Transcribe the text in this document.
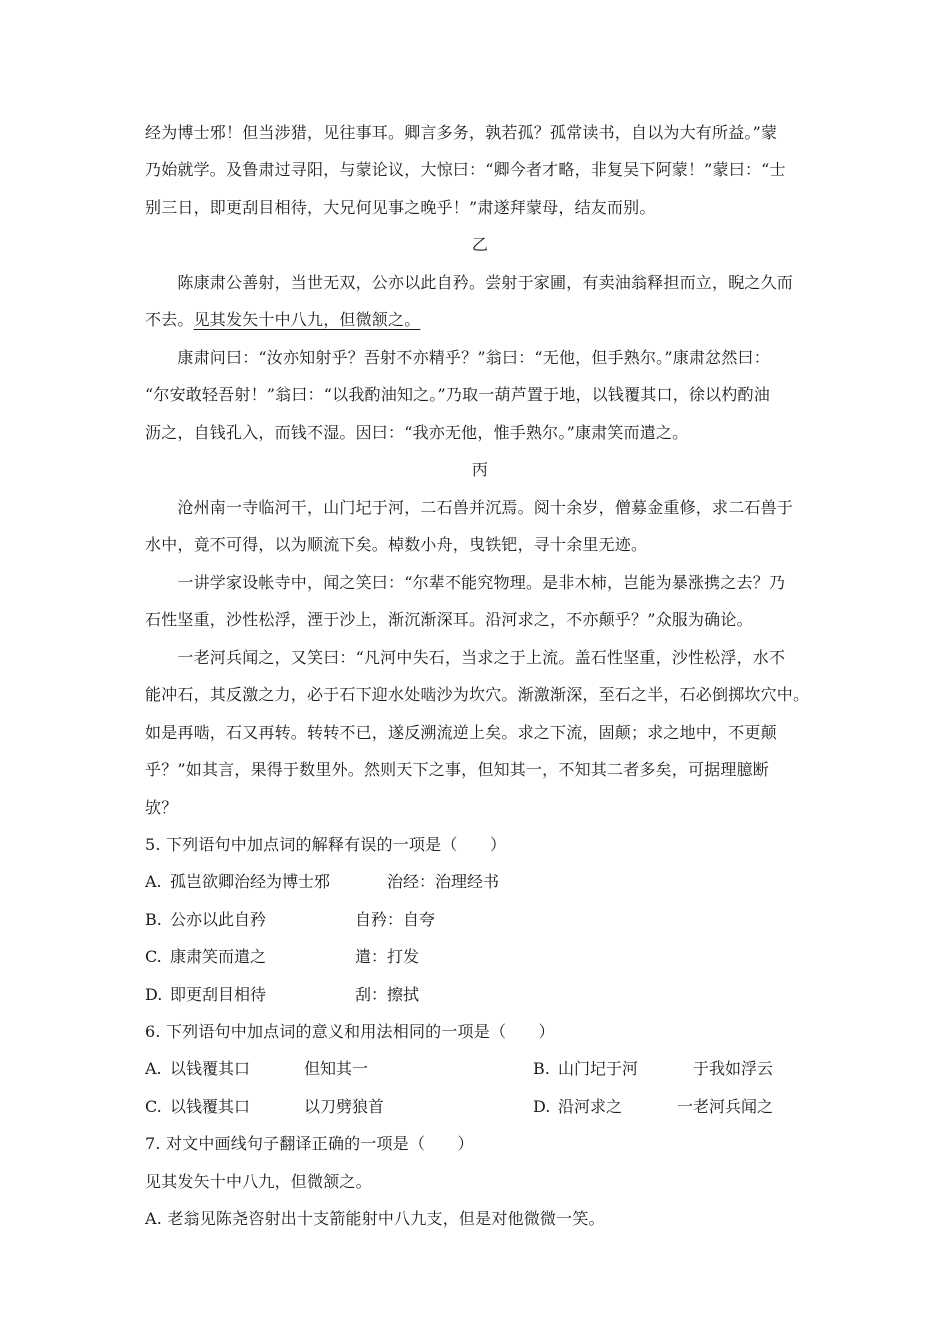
经为博士邪！但当涉猎，见往事耳。卿言多务，孰若孤？孤常读书，自以为大有所益。”蒙
乃始就学。及鲁肃过寻阳，与蒙论议，大惊曰：“卿今者才略，非复吴下阿蒙！”蒙曰：“士
别三日，即更刮目相待，大兄何见事之晚乎！”肃遂拜蒙母，结友而别。
乙
　　陈康肃公善射，当世无双，公亦以此自矜。尝射于家圃，有卖油翁释担而立，睨之久而
不去。见其发矢十中八九，但微颔之。
　　康肃问曰：“汝亦知射乎？吾射不亦精乎？”翁曰：“无他，但手熟尔。”康肃忿然曰：
“尔安敢轻吾射！”翁曰：“以我酌油知之。”乃取一葫芦置于地，以钱覆其口，徐以杓酌油
沥之，自钱孔入，而钱不湿。因曰：“我亦无他，惟手熟尔。”康肃笑而遣之。
丙
　　沧州南一寺临河干，山门圮于河，二石兽并沉焉。阅十余岁，僧募金重修，求二石兽于
水中，竟不可得，以为顺流下矣。棹数小舟，曳铁钯，寻十余里无迹。
　　一讲学家设帐寺中，闻之笑曰：“尔辈不能究物理。是非木柿，岂能为暴涨携之去？乃
石性坚重，沙性松浮，湮于沙上，渐沉渐深耳。沿河求之，不亦颠乎？”众服为确论。
　　一老河兵闻之，又笑曰：“凡河中失石，当求之于上流。盖石性坚重，沙性松浮，水不
能冲石，其反激之力，必于石下迎水处啮沙为坎穴。渐激渐深，至石之半，石必倒掷坎穴中。
如是再啮，石又再转。转转不已，遂反溯流逆上矣。求之下流，固颠；求之地中，不更颠
乎？”如其言，果得于数里外。然则天下之事，但知其一，不知其二者多矣，可据理臆断
欤？
5. 下列语句中加点词的解释有误的一项是（　　）
A. 孤岂欲卿治经为博士邪	治经：治理经书
B. 公亦以此自矜	自矜：自夸
C. 康肃笑而遣之	遣：打发
D. 即更刮目相待	刮：擦拭
6. 下列语句中加点词的意义和用法相同的一项是（　　）
A. 以钱覆其口	但知其一	B. 山门圮于河	于我如浮云
C. 以钱覆其口	以刀劈狼首	D. 沿河求之	一老河兵闻之
7. 对文中画线句子翻译正确的一项是（　　）
见其发矢十中八九，但微颔之。
A. 老翁见陈尧咨射出十支箭能射中八九支，但是对他微微一笑。
